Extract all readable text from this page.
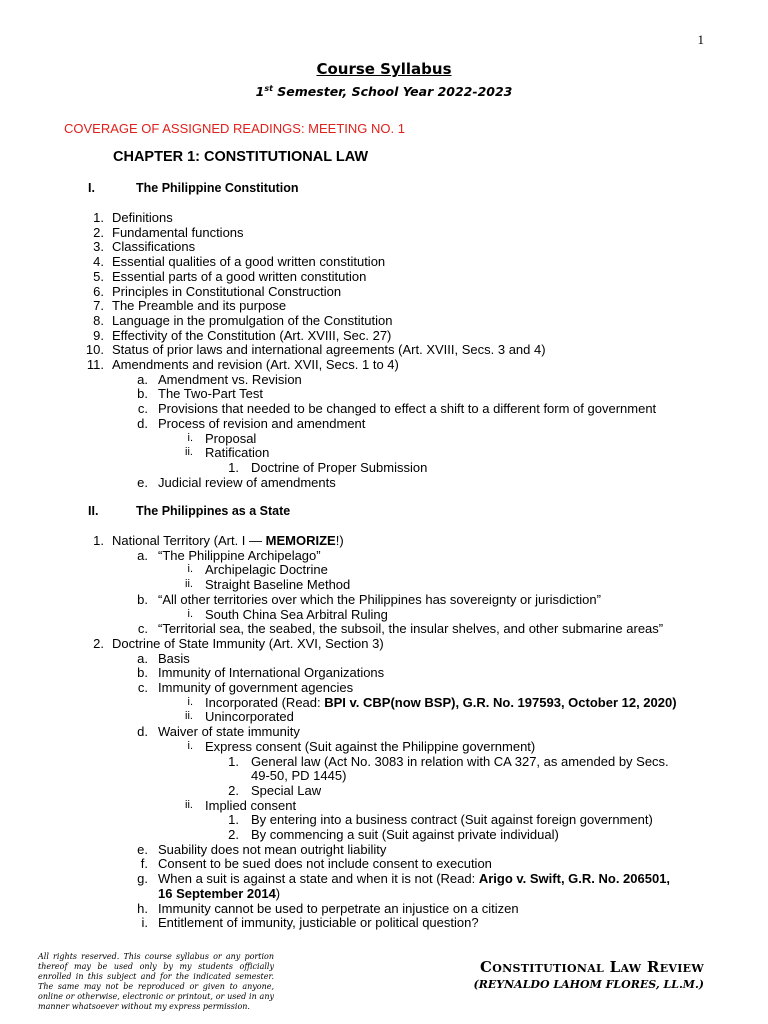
1
Course Syllabus
1st Semester, School Year 2022-2023
COVERAGE OF ASSIGNED READINGS: MEETING NO. 1
CHAPTER 1: CONSTITUTIONAL LAW
I.	The Philippine Constitution
1. Definitions
2. Fundamental functions
3. Classifications
4. Essential qualities of a good written constitution
5. Essential parts of a good written constitution
6. Principles in Constitutional Construction
7. The Preamble and its purpose
8. Language in the promulgation of the Constitution
9. Effectivity of the Constitution (Art. XVIII, Sec. 27)
10. Status of prior laws and international agreements (Art. XVIII, Secs. 3 and 4)
11. Amendments and revision (Art. XVII, Secs. 1 to 4)
a. Amendment vs. Revision
b. The Two-Part Test
c. Provisions that needed to be changed to effect a shift to a different form of government
d. Process of revision and amendment
i. Proposal
ii. Ratification
1. Doctrine of Proper Submission
e. Judicial review of amendments
II.	The Philippines as a State
1. National Territory (Art. I — MEMORIZE!)
a. “The Philippine Archipelago”
i. Archipelagic Doctrine
ii. Straight Baseline Method
b. “All other territories over which the Philippines has sovereignty or jurisdiction”
i. South China Sea Arbitral Ruling
c. “Territorial sea, the seabed, the subsoil, the insular shelves, and other submarine areas”
2. Doctrine of State Immunity (Art. XVI, Section 3)
a. Basis
b. Immunity of International Organizations
c. Immunity of government agencies
i. Incorporated (Read: BPI v. CBP(now BSP), G.R. No. 197593, October 12, 2020)
ii. Unincorporated
d. Waiver of state immunity
i. Express consent (Suit against the Philippine government)
1. General law (Act No. 3083 in relation with CA 327, as amended by Secs.
49-50, PD 1445)
2. Special Law
ii. Implied consent
1. By entering into a business contract (Suit against foreign government)
2. By commencing a suit (Suit against private individual)
e. Suability does not mean outright liability
f. Consent to be sued does not include consent to execution
g. When a suit is against a state and when it is not (Read: Arigo v. Swift, G.R. No. 206501,
16 September 2014)
h. Immunity cannot be used to perpetrate an injustice on a citizen
i. Entitlement of immunity, justiciable or political question?
All rights reserved. This course syllabus or any portion thereof may be used only by my students officially enrolled in this subject and for the indicated semester. The same may not be reproduced or given to anyone, online or otherwise, electronic or printout, or used in any manner whatsoever without my express permission.
Constitutional Law Review
(REYNALDO LAHOM FLORES, LL.M.)
